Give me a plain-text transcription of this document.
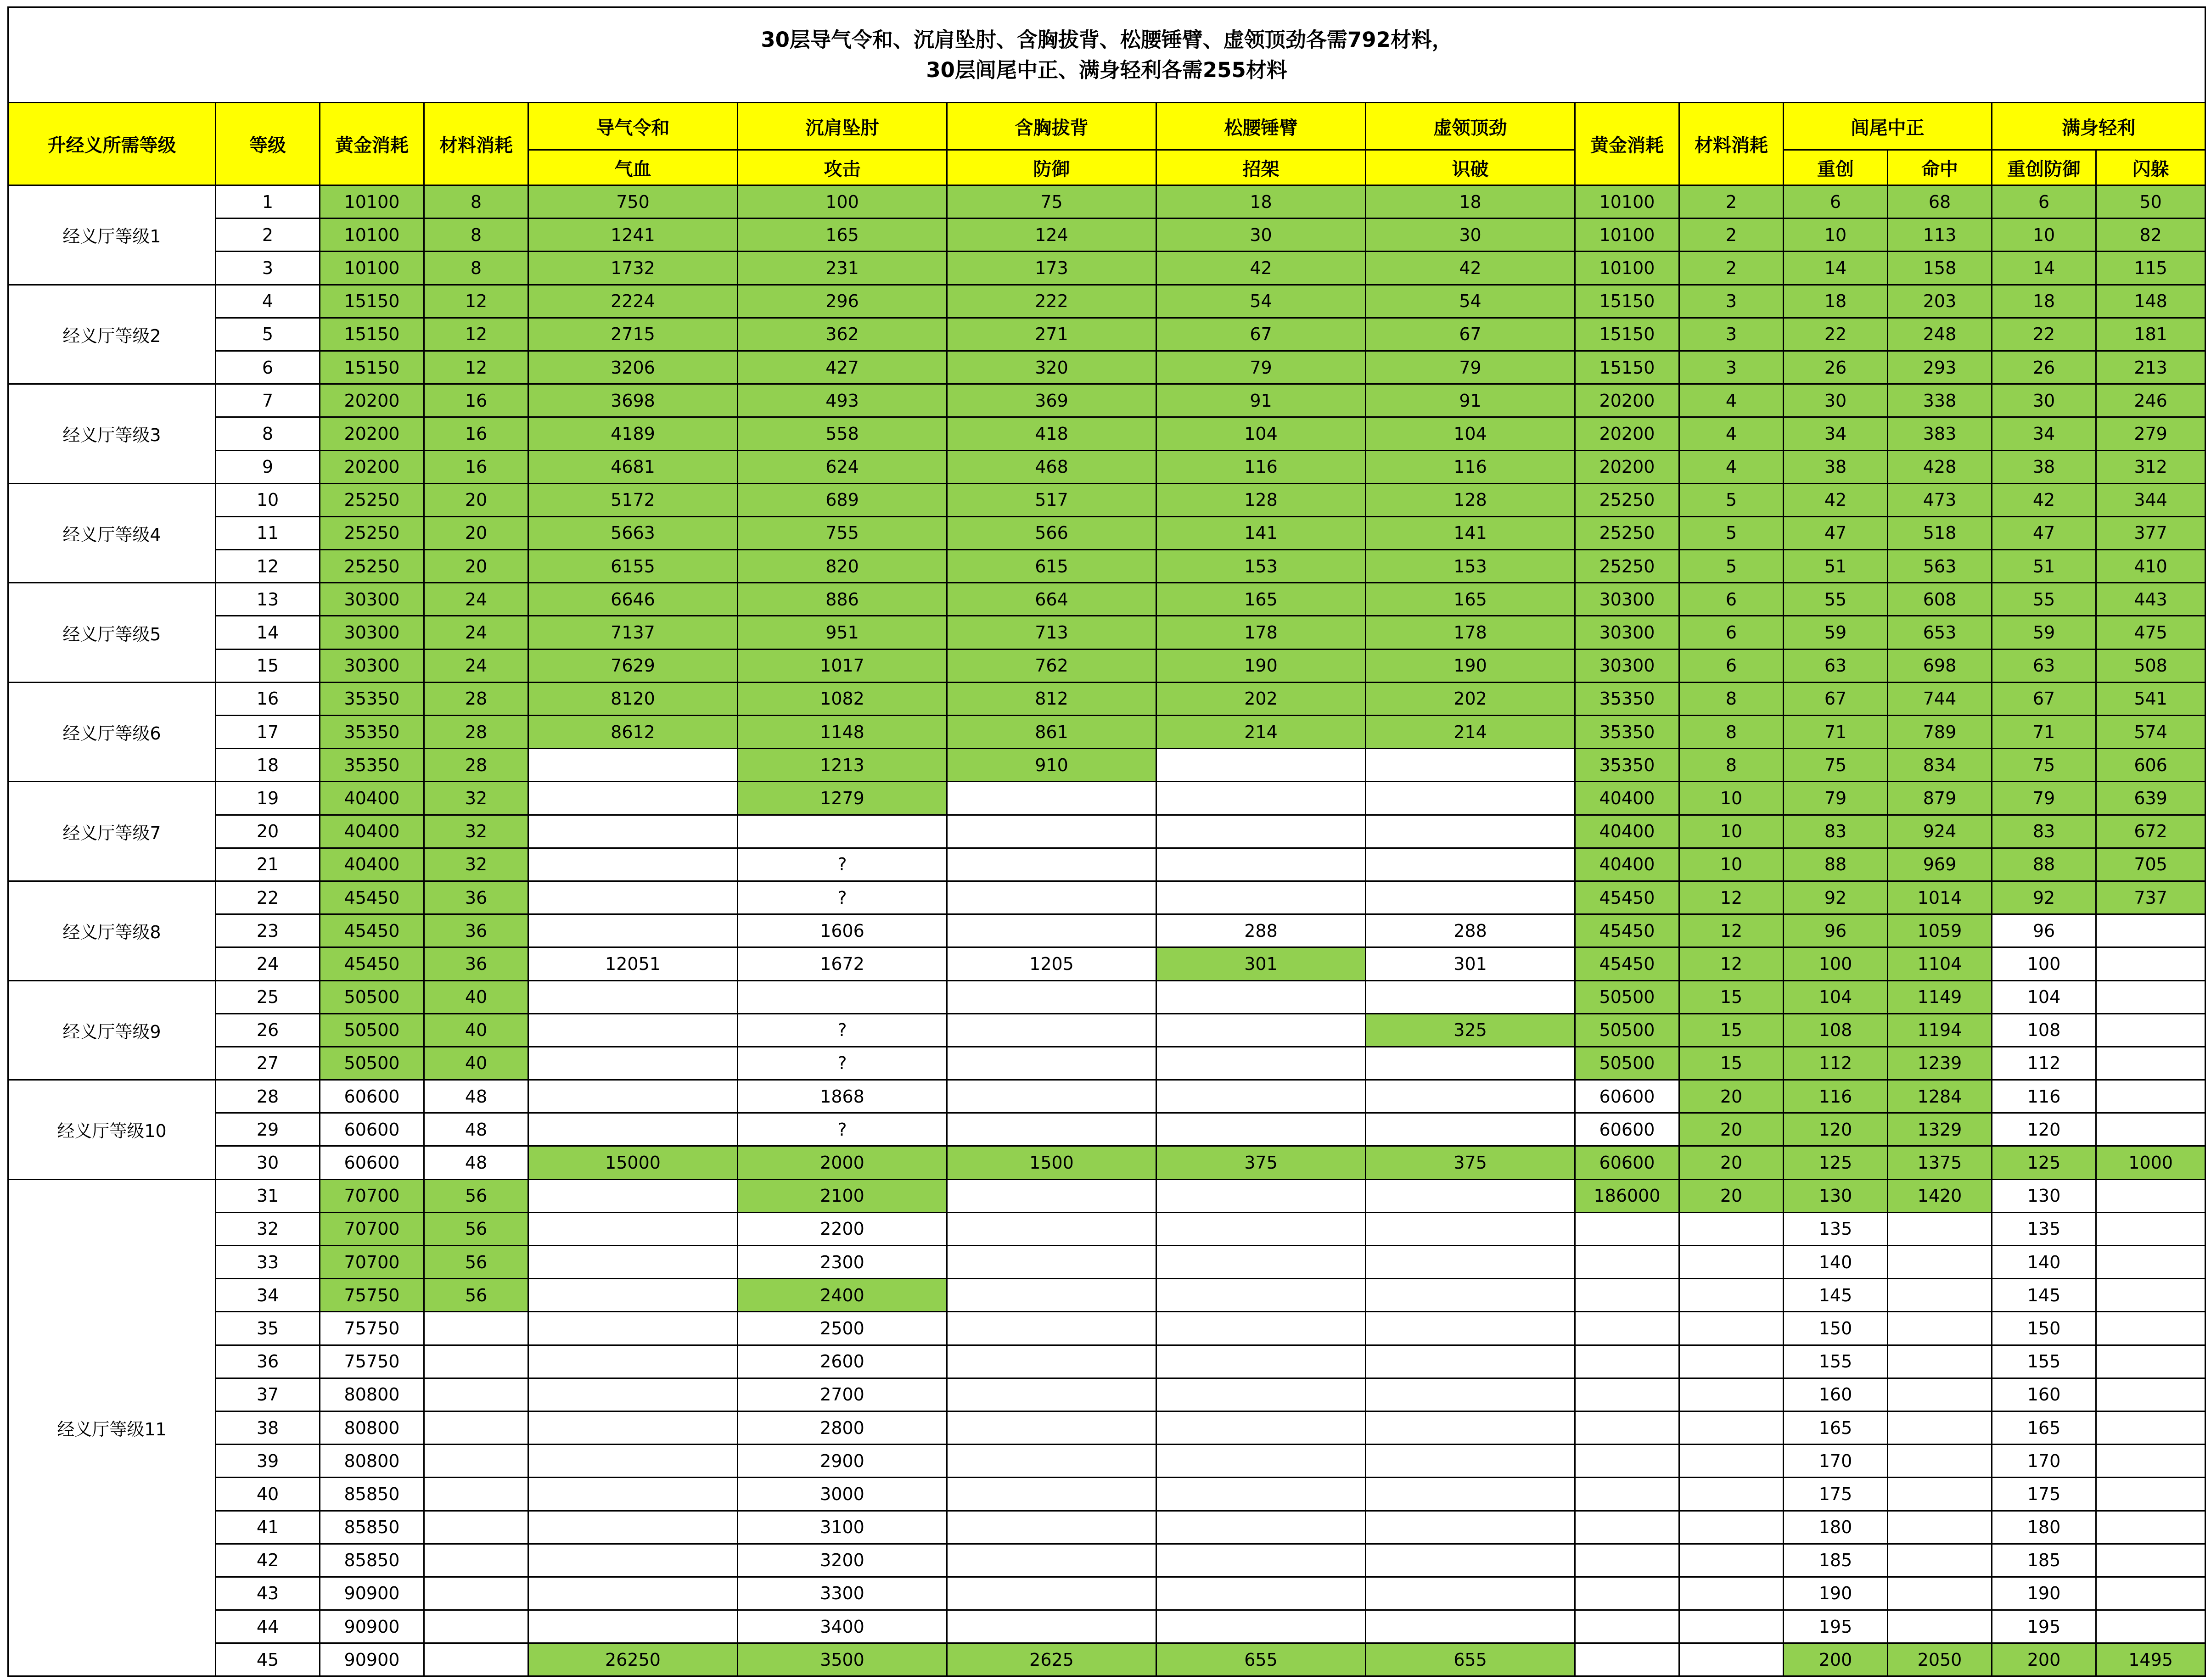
30层导气令和、沉肩坠肘、含胸拔背、松腰锤臂、虚领顶劲各需792材料，
30层闾尾中正、满身轻利各需255材料														

升经义所需等级	等级	黄金消耗	材料消耗	导气令和	沉肩坠肘	含胸拔背	松腰锤臂	虚领顶劲	黄金消耗	材料消耗	闾尾中正		满身轻利	
				气血	攻击	防御	招架	识破			重创	命中	重创防御	闪躲
经义厅等级1	1	10100	8	750	100	75	18	18	10100	2	6	68	6	50
	2	10100	8	1241	165	124	30	30	10100	2	10	113	10	82
	3	10100	8	1732	231	173	42	42	10100	2	14	158	14	115
经义厅等级2	4	15150	12	2224	296	222	54	54	15150	3	18	203	18	148
	5	15150	12	2715	362	271	67	67	15150	3	22	248	22	181
	6	15150	12	3206	427	320	79	79	15150	3	26	293	26	213
经义厅等级3	7	20200	16	3698	493	369	91	91	20200	4	30	338	30	246
	8	20200	16	4189	558	418	104	104	20200	4	34	383	34	279
	9	20200	16	4681	624	468	116	116	20200	4	38	428	38	312
经义厅等级4	10	25250	20	5172	689	517	128	128	25250	5	42	473	42	344
	11	25250	20	5663	755	566	141	141	25250	5	47	518	47	377
	12	25250	20	6155	820	615	153	153	25250	5	51	563	51	410
经义厅等级5	13	30300	24	6646	886	664	165	165	30300	6	55	608	55	443
	14	30300	24	7137	951	713	178	178	30300	6	59	653	59	475
	15	30300	24	7629	1017	762	190	190	30300	6	63	698	63	508
经义厅等级6	16	35350	28	8120	1082	812	202	202	35350	8	67	744	67	541
	17	35350	28	8612	1148	861	214	214	35350	8	71	789	71	574
	18	35350	28		1213	910			35350	8	75	834	75	606
经义厅等级7	19	40400	32		1279				40400	10	79	879	79	639
	20	40400	32						40400	10	83	924	83	672
	21	40400	32		?				40400	10	88	969	88	705
经义厅等级8	22	45450	36		?				45450	12	92	1014	92	737
	23	45450	36		1606		288	288	45450	12	96	1059	96	
	24	45450	36	12051	1672	1205	301	301	45450	12	100	1104	100	
经义厅等级9	25	50500	40						50500	15	104	1149	104	
	26	50500	40		?			325	50500	15	108	1194	108	
	27	50500	40		?				50500	15	112	1239	112	
经义厅等级10	28	60600	48		1868				60600	20	116	1284	116	
	29	60600	48		?				60600	20	120	1329	120	
	30	60600	48	15000	2000	1500	375	375	60600	20	125	1375	125	1000
经义厅等级11	31	70700	56		2100				186000	20	130	1420	130	
	32	70700	56		2200						135		135	
	33	70700	56		2300						140		140	
	34	75750	56		2400						145		145	
	35	75750			2500						150		150	
	36	75750			2600						155		155	
	37	80800			2700						160		160	
	38	80800			2800						165		165	
	39	80800			2900						170		170	
	40	85850			3000						175		175	
	41	85850			3100						180		180	
	42	85850			3200						185		185	
	43	90900			3300						190		190	
	44	90900			3400						195		195	
	45	90900		26250	3500	2625	655	655			200	2050	200	1495
